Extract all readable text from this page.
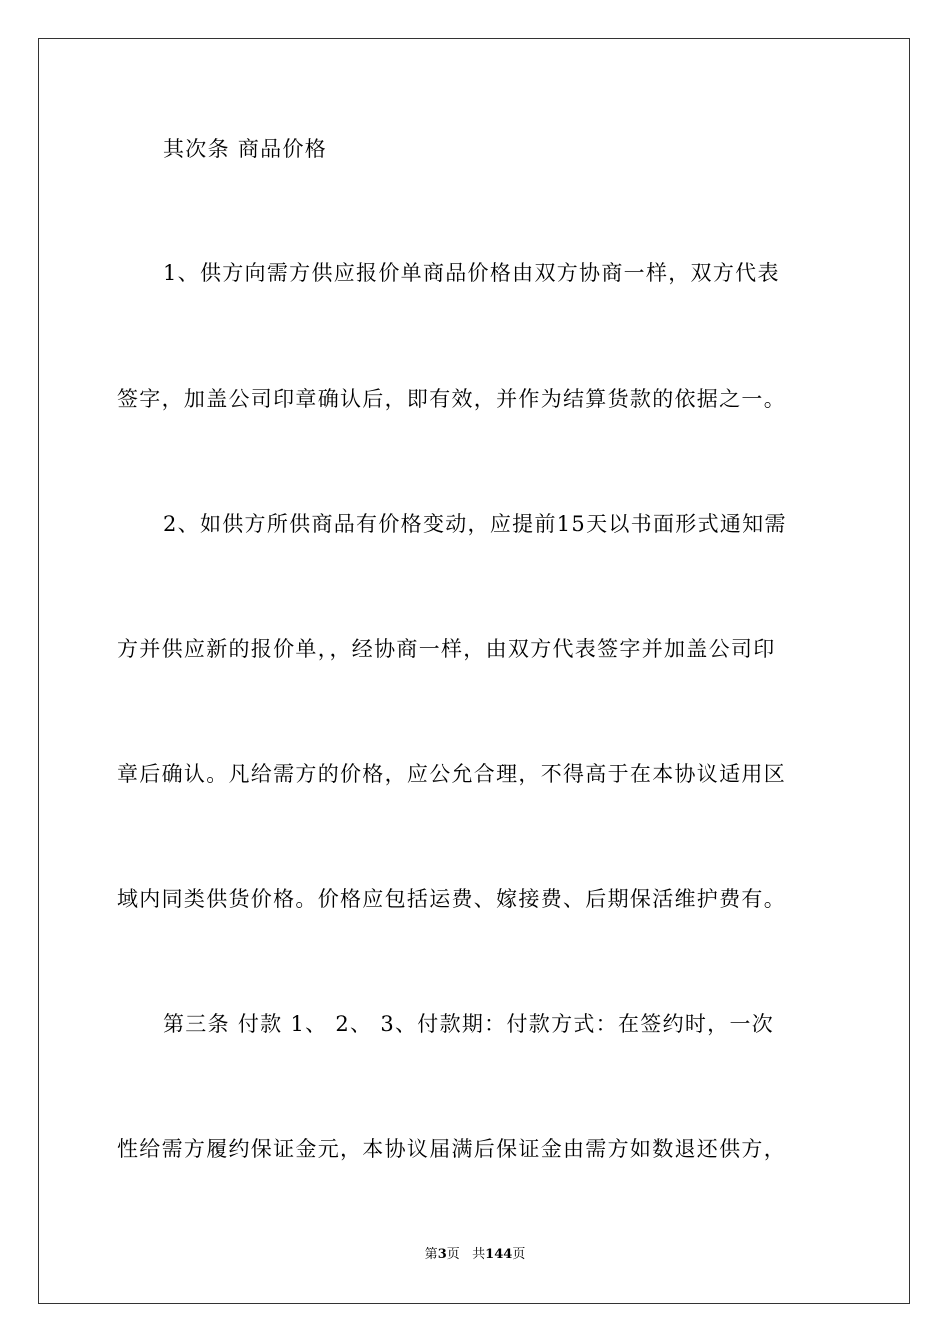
其次条 商品价格
1、供方向需方供应报价单商品价格由双方协商一样，双方代表
签字，加盖公司印章确认后，即有效，并作为结算货款的依据之一。
2、如供方所供商品有价格变动，应提前15天以书面形式通知需
方并供应新的报价单，，经协商一样，由双方代表签字并加盖公司印
章后确认。凡给需方的价格，应公允合理，不得高于在本协议适用区
域内同类供货价格。价格应包括运费、嫁接费、后期保活维护费有。
第三条 付款 1、 2、 3、付款期：付款方式：在签约时，一次
性给需方履约保证金元，本协议届满后保证金由需方如数退还供方，
第3页 共144页
